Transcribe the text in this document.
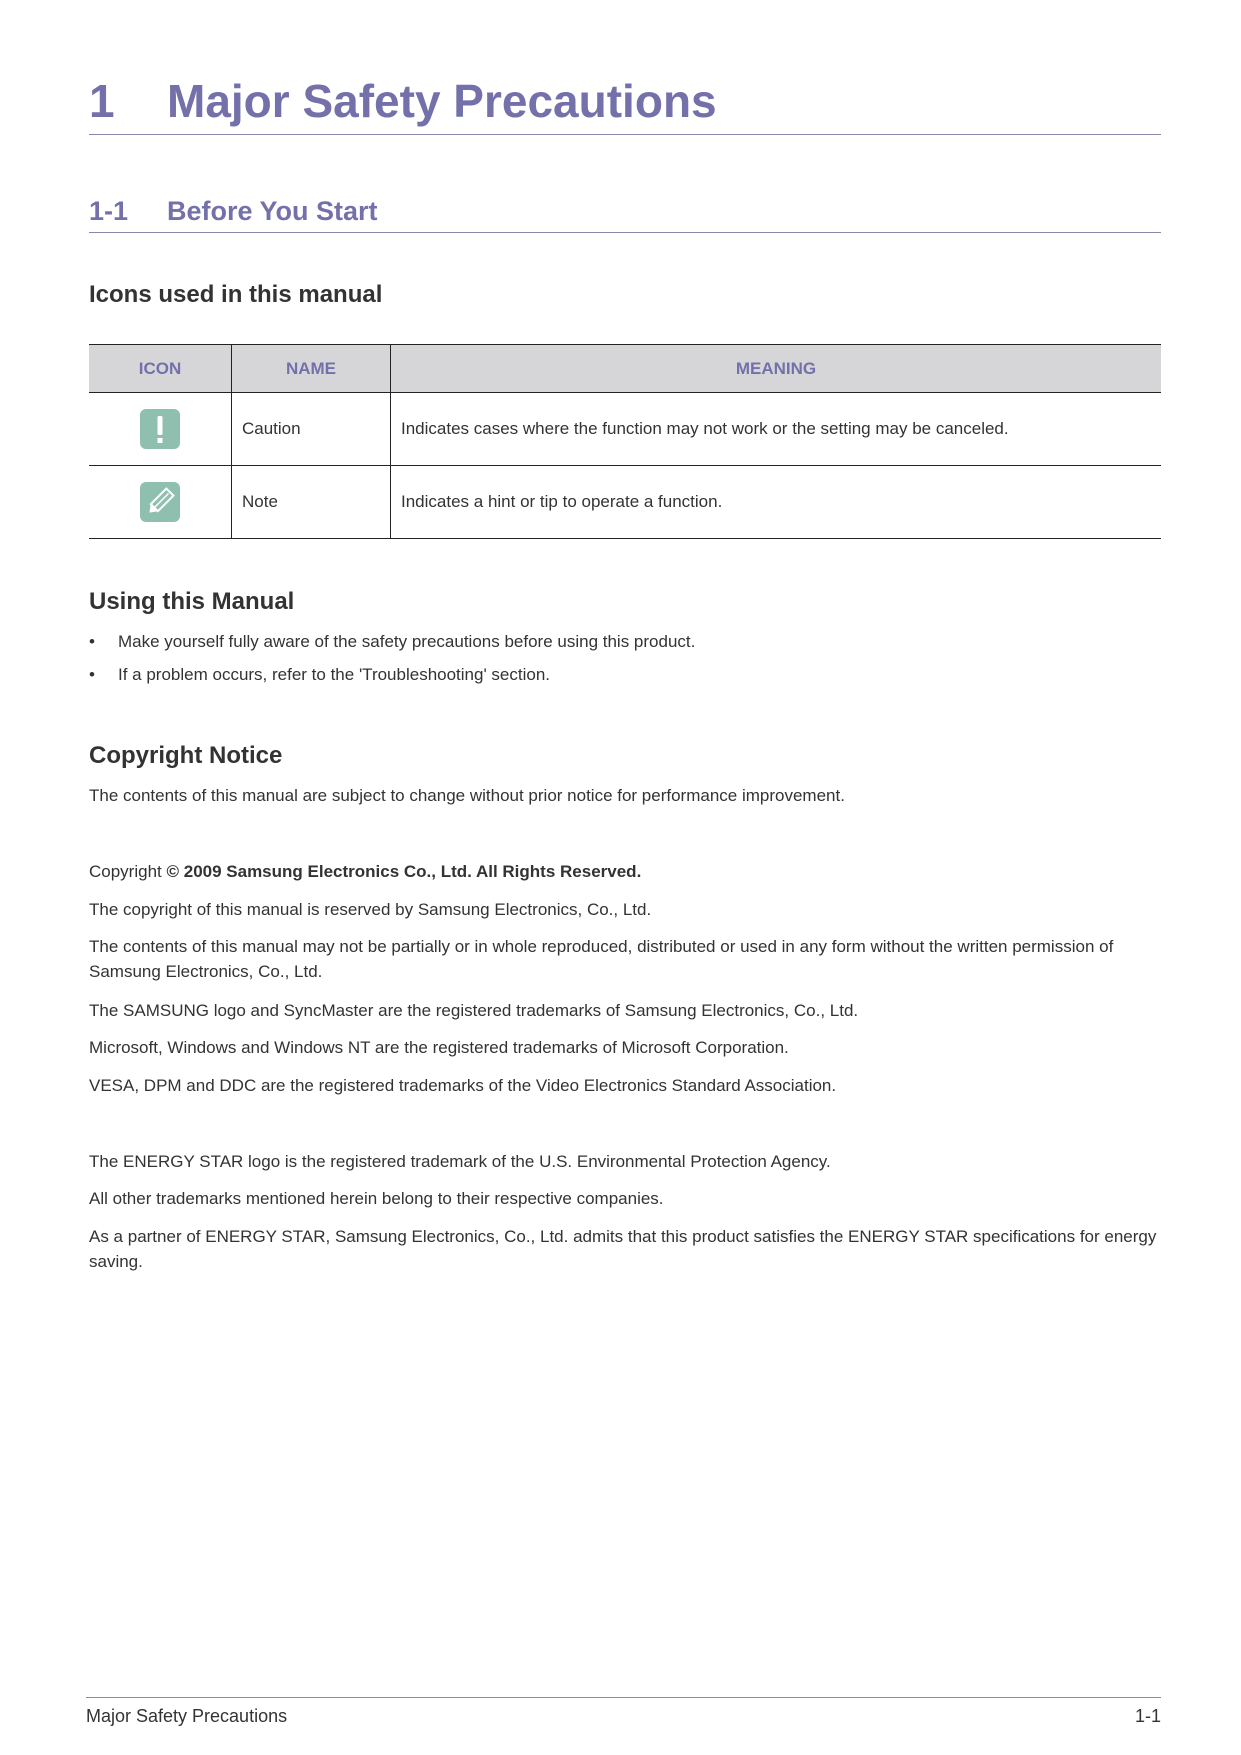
1 Major Safety Precautions
1-1 Before You Start
Icons used in this manual
ICON	NAME	MEANING
	Caution	Indicates cases where the function may not work or the setting may be canceled.
	Note	Indicates a hint or tip to operate a function.
Using this Manual
• Make yourself fully aware of the safety precautions before using this product.
• If a problem occurs, refer to the 'Troubleshooting' section.
Copyright Notice
The contents of this manual are subject to change without prior notice for performance improvement.
Copyright © 2009 Samsung Electronics Co., Ltd. All Rights Reserved.
The copyright of this manual is reserved by Samsung Electronics, Co., Ltd.
The contents of this manual may not be partially or in whole reproduced, distributed or used in any form without the written permission of Samsung Electronics, Co., Ltd.
The SAMSUNG logo and SyncMaster are the registered trademarks of Samsung Electronics, Co., Ltd.
Microsoft, Windows and Windows NT are the registered trademarks of Microsoft Corporation.
VESA, DPM and DDC are the registered trademarks of the Video Electronics Standard Association.
The ENERGY STAR logo is the registered trademark of the U.S. Environmental Protection Agency.
All other trademarks mentioned herein belong to their respective companies.
As a partner of ENERGY STAR, Samsung Electronics, Co., Ltd. admits that this product satisfies the ENERGY STAR specifications for energy saving.
Major Safety Precautions	1-1
